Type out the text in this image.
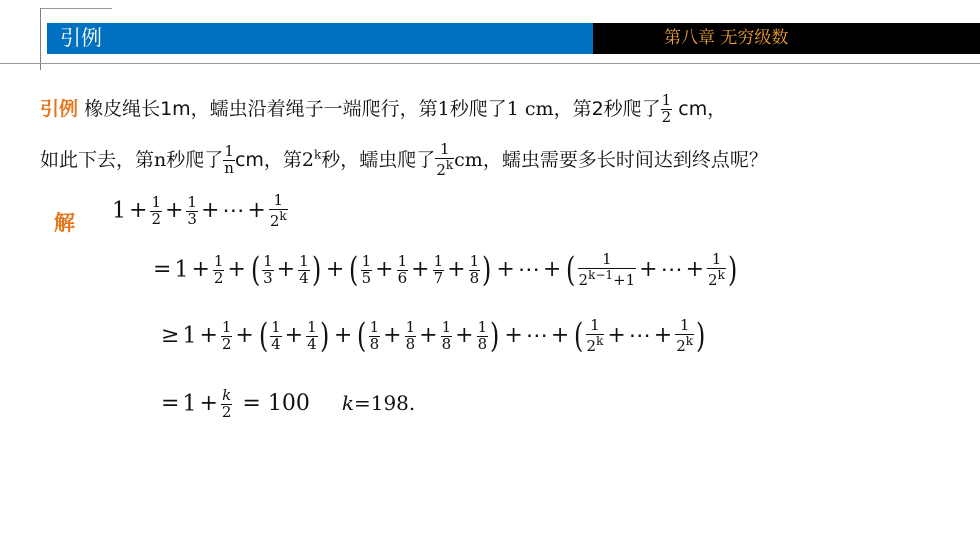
引例	第八章 无穷级数
引例 橡皮绳长1m，蠕虫沿着绳子一端爬行，第1秒爬了1 cm，第2秒爬了 $\frac{1}{2}$ cm，
如此下去，第n秒爬了 $\frac{1}{n}$ cm，第2$^k$秒，蠕虫爬了 $\frac{1}{2^k}$ cm，蠕虫需要多长时间达到终点呢？
解 $1 + \frac{1}{2} + \frac{1}{3}$ + ⋯ + $\frac{1}{2^k}$
= $1 + \frac{1}{2}$ + ( $\frac{1}{3} + \frac{1}{4}$ ) + ( $\frac{1}{5} + \frac{1}{6} + \frac{1}{7} + \frac{1}{8}$ ) + ⋯ + ( $\frac{1}{2^{k-1}+1}$ + ⋯ + $\frac{1}{2^k}$ )
≥ $1 + \frac{1}{2}$ + ( $\frac{1}{4} + \frac{1}{4}$ ) + ( $\frac{1}{8} + \frac{1}{8} + \frac{1}{8} + \frac{1}{8}$ ) + ⋯ + ( $\frac{1}{2^k}$ + ⋯ + $\frac{1}{2^k}$ )
= $1 + \frac{k}{2} = 100$ k=198.
